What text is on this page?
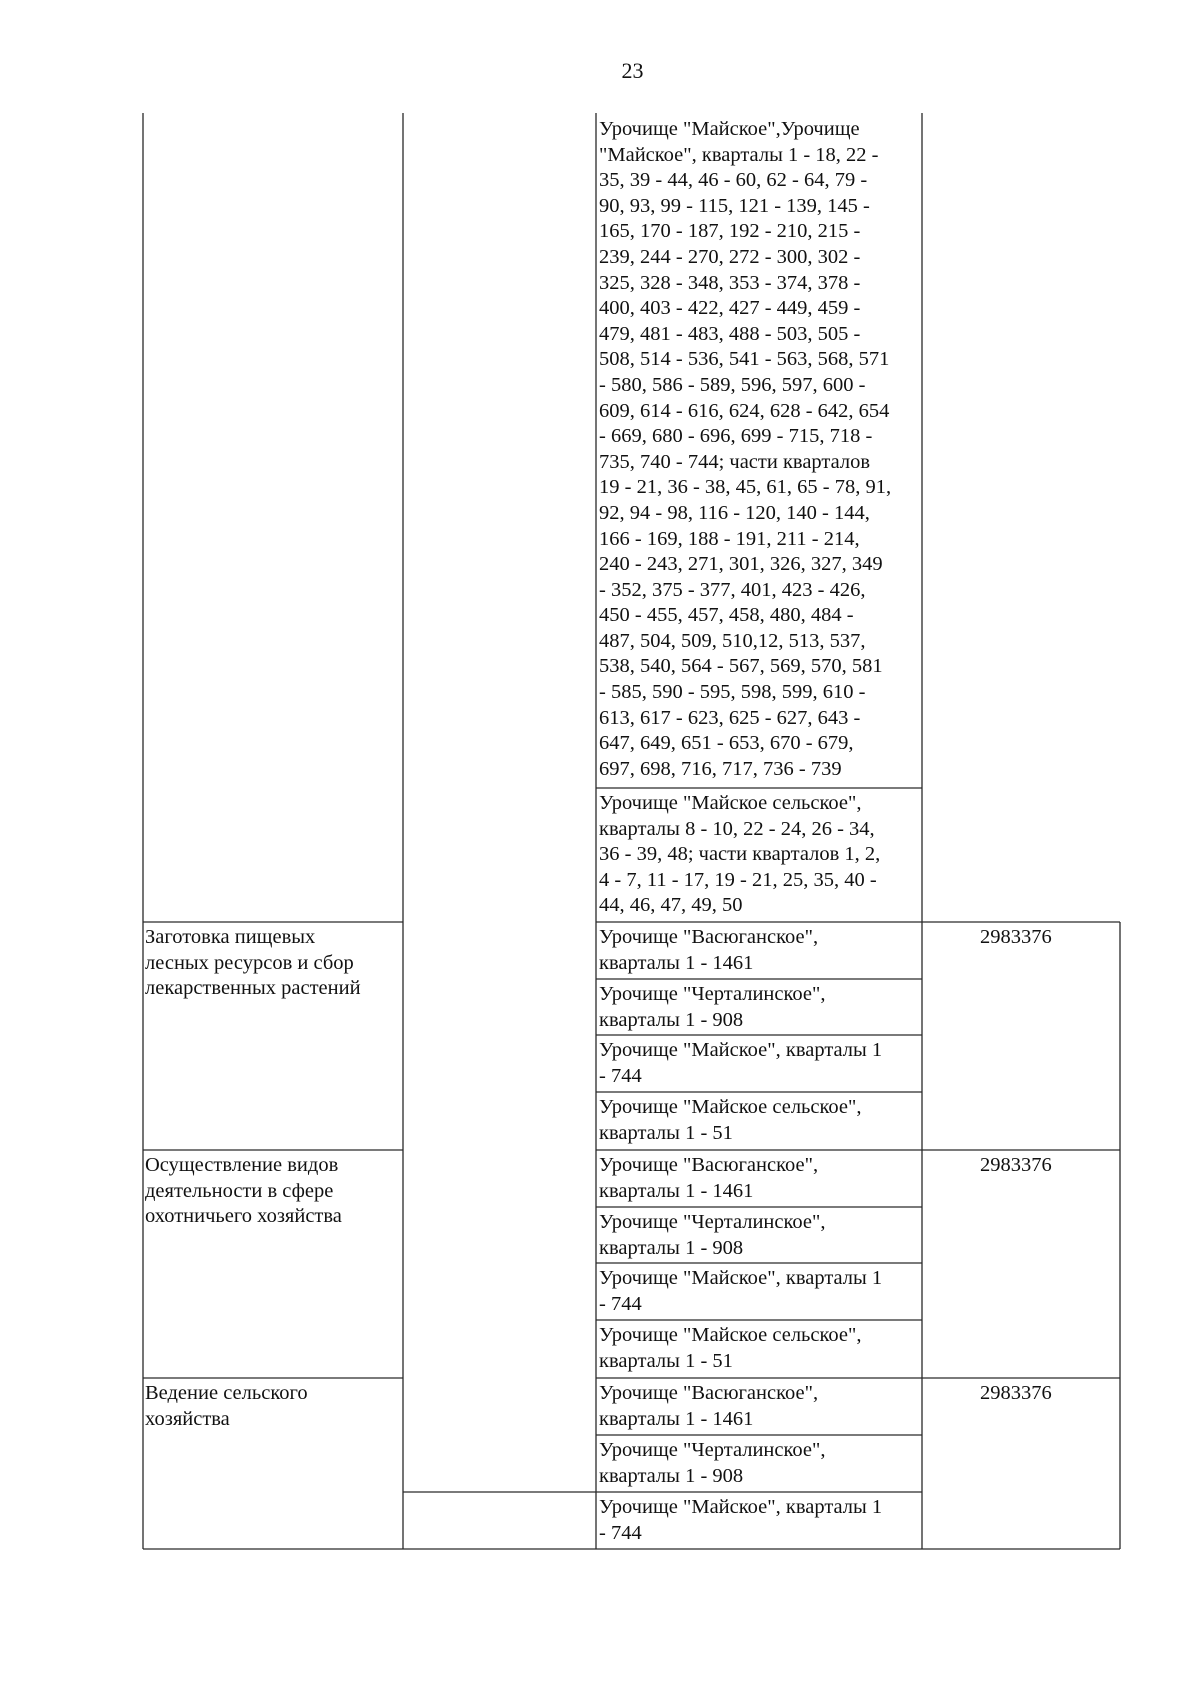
23
Урочище "Майское",Урочище
"Майское", кварталы 1 - 18, 22 -
35, 39 - 44, 46 - 60, 62 - 64, 79 -
90, 93, 99 - 115, 121 - 139, 145 -
165, 170 - 187, 192 - 210, 215 -
239, 244 - 270, 272 - 300, 302 -
325, 328 - 348, 353 - 374, 378 -
400, 403 - 422, 427 - 449, 459 -
479, 481 - 483, 488 - 503, 505 -
508, 514 - 536, 541 - 563, 568, 571
- 580, 586 - 589, 596, 597, 600 -
609, 614 - 616, 624, 628 - 642, 654
- 669, 680 - 696, 699 - 715, 718 -
735, 740 - 744; части кварталов
19 - 21, 36 - 38, 45, 61, 65 - 78, 91,
92, 94 - 98, 116 - 120, 140 - 144,
166 - 169, 188 - 191, 211 - 214,
240 - 243, 271, 301, 326, 327, 349
- 352, 375 - 377, 401, 423 - 426,
450 - 455, 457, 458, 480, 484 -
487, 504, 509, 510,12, 513, 537,
538, 540, 564 - 567, 569, 570, 581
- 585, 590 - 595, 598, 599, 610 -
613, 617 - 623, 625 - 627, 643 -
647, 649, 651 - 653, 670 - 679,
697, 698, 716, 717, 736 - 739
Урочище "Майское сельское",
кварталы 8 - 10, 22 - 24, 26 - 34,
36 - 39, 48; части кварталов 1, 2,
4 - 7, 11 - 17, 19 - 21, 25, 35, 40 -
44, 46, 47, 49, 50
Заготовка пищевых
лесных ресурсов и сбор
лекарственных растений
2983376
Урочище "Васюганское",
кварталы 1 - 1461
Урочище "Черталинское",
кварталы 1 - 908
Урочище "Майское", кварталы 1
- 744
Урочище "Майское сельское",
кварталы 1 - 51
Осуществление видов
деятельности в сфере
охотничьего хозяйства
2983376
Урочище "Васюганское",
кварталы 1 - 1461
Урочище "Черталинское",
кварталы 1 - 908
Урочище "Майское", кварталы 1
- 744
Урочище "Майское сельское",
кварталы 1 - 51
Ведение сельского
хозяйства
2983376
Урочище "Васюганское",
кварталы 1 - 1461
Урочище "Черталинское",
кварталы 1 - 908
Урочище "Майское", кварталы 1
- 744
